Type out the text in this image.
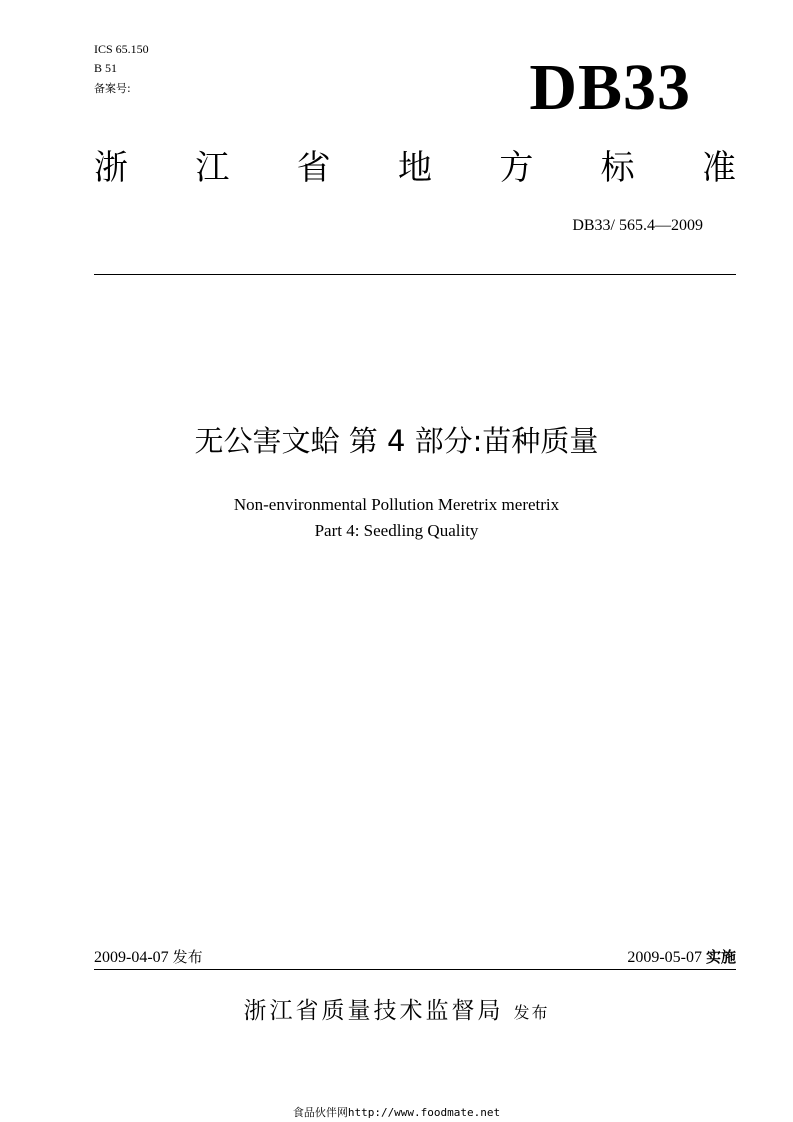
ICS 65.150
B 51
备案号:	DB33
浙 江 省 地 方 标 准
DB33/ 565.4—2009
无公害文蛤 第 4 部分:苗种质量
Non-environmental Pollution Meretrix meretrix
Part 4: Seedling Quality
2009-04-07 发布	2009-05-07 实施
浙江省质量技术监督局 发布
食品伙伴网http://www.foodmate.net
